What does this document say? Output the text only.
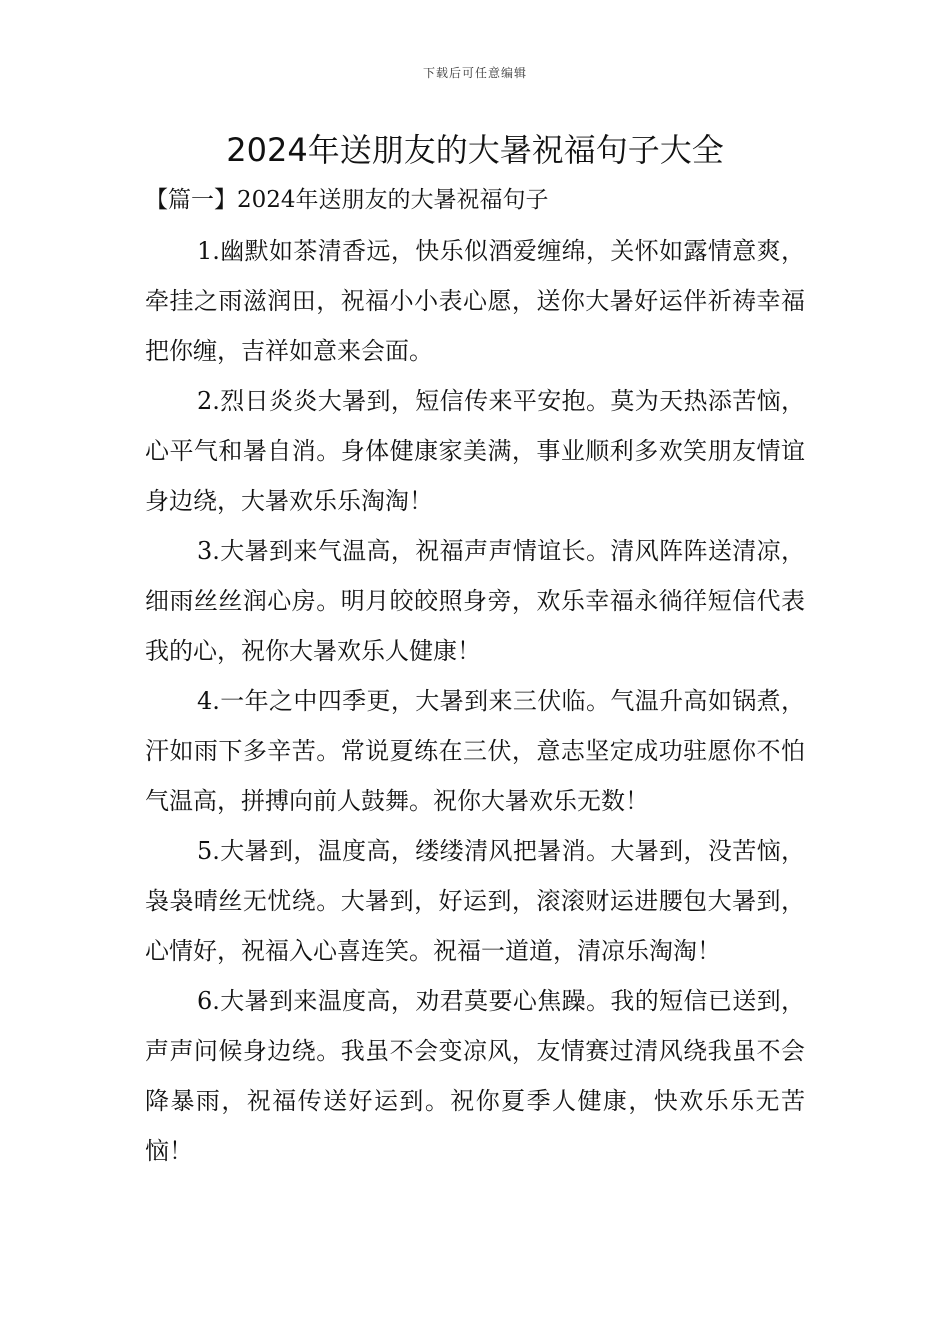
下载后可任意编辑
2024年送朋友的大暑祝福句子大全
【篇一】2024年送朋友的大暑祝福句子

1.幽默如茶清香远，快乐似酒爱缠绵，关怀如露情意爽，牵挂之雨滋润田，祝福小小表心愿，送你大暑好运伴祈祷幸福把你缠，吉祥如意来会面。

2.烈日炎炎大暑到，短信传来平安抱。莫为天热添苦恼，心平气和暑自消。身体健康家美满，事业顺利多欢笑朋友情谊身边绕，大暑欢乐乐淘淘！

3.大暑到来气温高，祝福声声情谊长。清风阵阵送清凉，细雨丝丝润心房。明月皎皎照身旁，欢乐幸福永徜徉短信代表我的心，祝你大暑欢乐人健康！

4.一年之中四季更，大暑到来三伏临。气温升高如锅煮，汗如雨下多辛苦。常说夏练在三伏，意志坚定成功驻愿你不怕气温高，拼搏向前人鼓舞。祝你大暑欢乐无数！

5.大暑到，温度高，缕缕清风把暑消。大暑到，没苦恼，袅袅晴丝无忧绕。大暑到，好运到，滚滚财运进腰包大暑到，心情好，祝福入心喜连笑。祝福一道道，清凉乐淘淘！

6.大暑到来温度高，劝君莫要心焦躁。我的短信已送到，声声问候身边绕。我虽不会变凉风，友情赛过清风绕我虽不会降暴雨，祝福传送好运到。祝你夏季人健康，快欢乐乐无苦恼！
